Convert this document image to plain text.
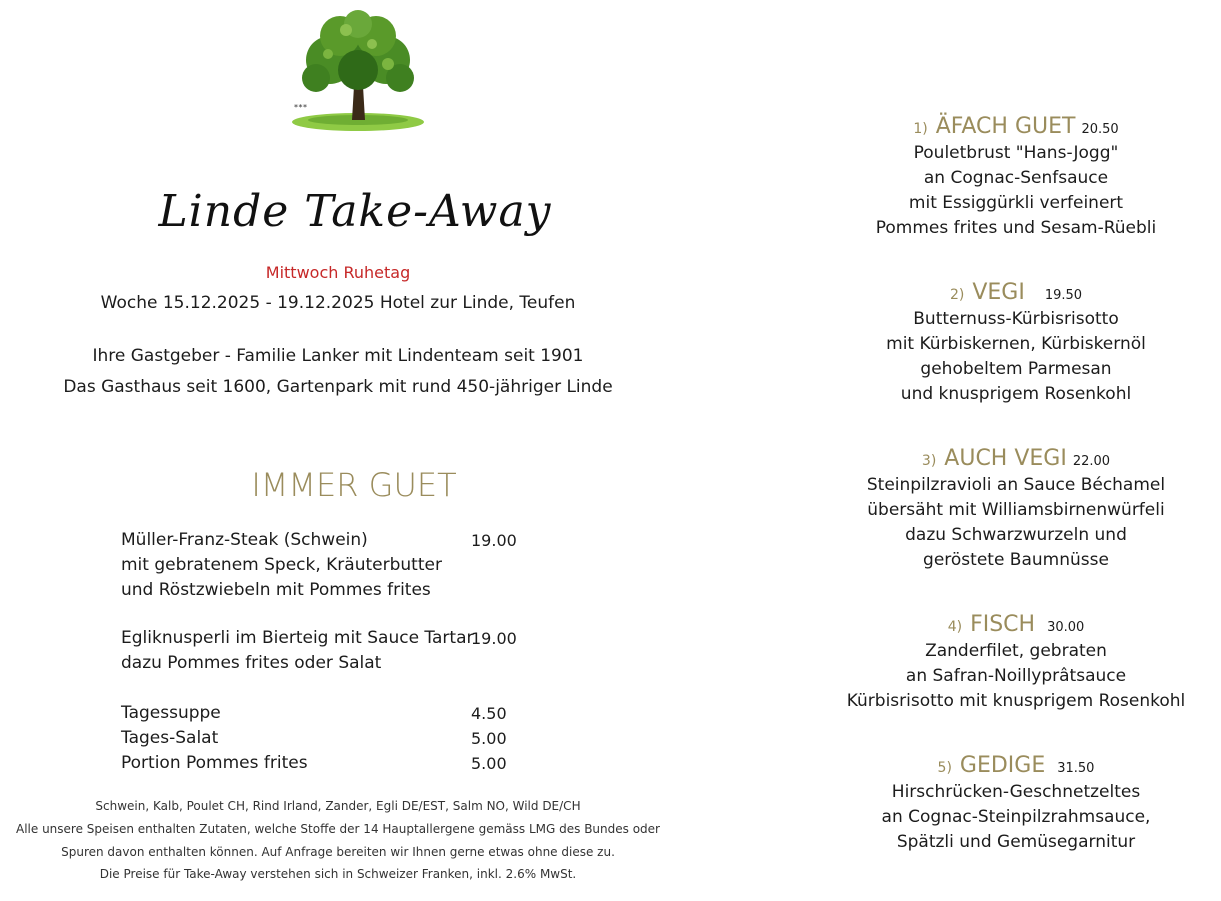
***
Linde Take-Away
Mittwoch Ruhetag
Woche 15.12.2025 - 19.12.2025 Hotel zur Linde, Teufen
Ihre Gastgeber - Familie Lanker mit Lindenteam seit 1901
Das Gasthaus seit 1600, Gartenpark mit rund 450-jähriger Linde
IMMER GUET
Müller-Franz-Steak (Schwein)
mit gebratenem Speck, Kräuterbutter
und Röstzwiebeln mit Pommes frites
19.00
Egliknusperli im Bierteig mit Sauce Tartar
dazu Pommes frites oder Salat
19.00
Tagessuppe	4.50
Tages-Salat	5.00
Portion Pommes frites	5.00
Schwein, Kalb, Poulet CH, Rind Irland, Zander, Egli DE/EST, Salm NO, Wild DE/CH
Alle unsere Speisen enthalten Zutaten, welche Stoffe der 14 Hauptallergene gemäss LMG des Bundes oder
Spuren davon enthalten können. Auf Anfrage bereiten wir Ihnen gerne etwas ohne diese zu.
Die Preise für Take-Away verstehen sich in Schweizer Franken, inkl. 2.6% MwSt.
1) ÄFACH GUET 20.50
Pouletbrust "Hans-Jogg"
an Cognac-Senfsauce
mit Essiggürkli verfeinert
Pommes frites und Sesam-Rüebli
2) VEGI 19.50
Butternuss-Kürbisrisotto
mit Kürbiskernen, Kürbiskernöl
gehobeltem Parmesan
und knusprigem Rosenkohl
3) AUCH VEGI 22.00
Steinpilzravioli an Sauce Béchamel
übersäht mit Williamsbirnenwürfeli
dazu Schwarzwurzeln und
geröstete Baumnüsse
4) FISCH 30.00
Zanderfilet, gebraten
an Safran-Noillyprâtsauce
Kürbisrisotto mit knusprigem Rosenkohl
5) GEDIGE 31.50
Hirschrücken-Geschnetzeltes
an Cognac-Steinpilzrahmsauce,
Spätzli und Gemüsegarnitur
